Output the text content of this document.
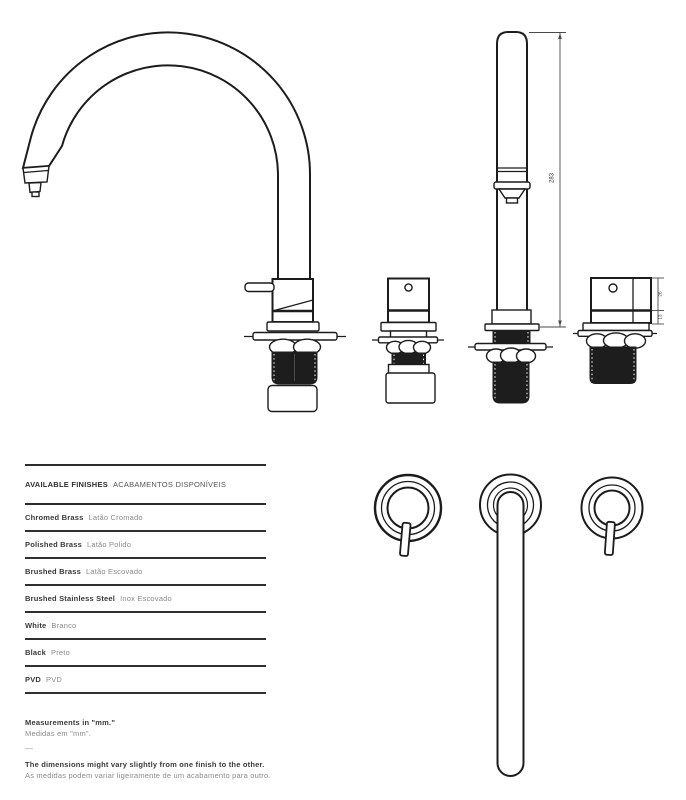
283
26
13
AVAILABLE FINISHES ACABAMENTOS DISPONÍVEIS
Chromed Brass Latão Cromado
Polished Brass Latão Polido
Brushed Brass Latão Escovado
Brushed Stainless Steel Inox Escovado
White Branco
Black Preto
PVD PVD
Measurements in "mm."
Medidas em "mm".
—
The dimensions might vary slightly from one finish to the other.
As medidas podem variar ligeiramente de um acabamento para outro.
